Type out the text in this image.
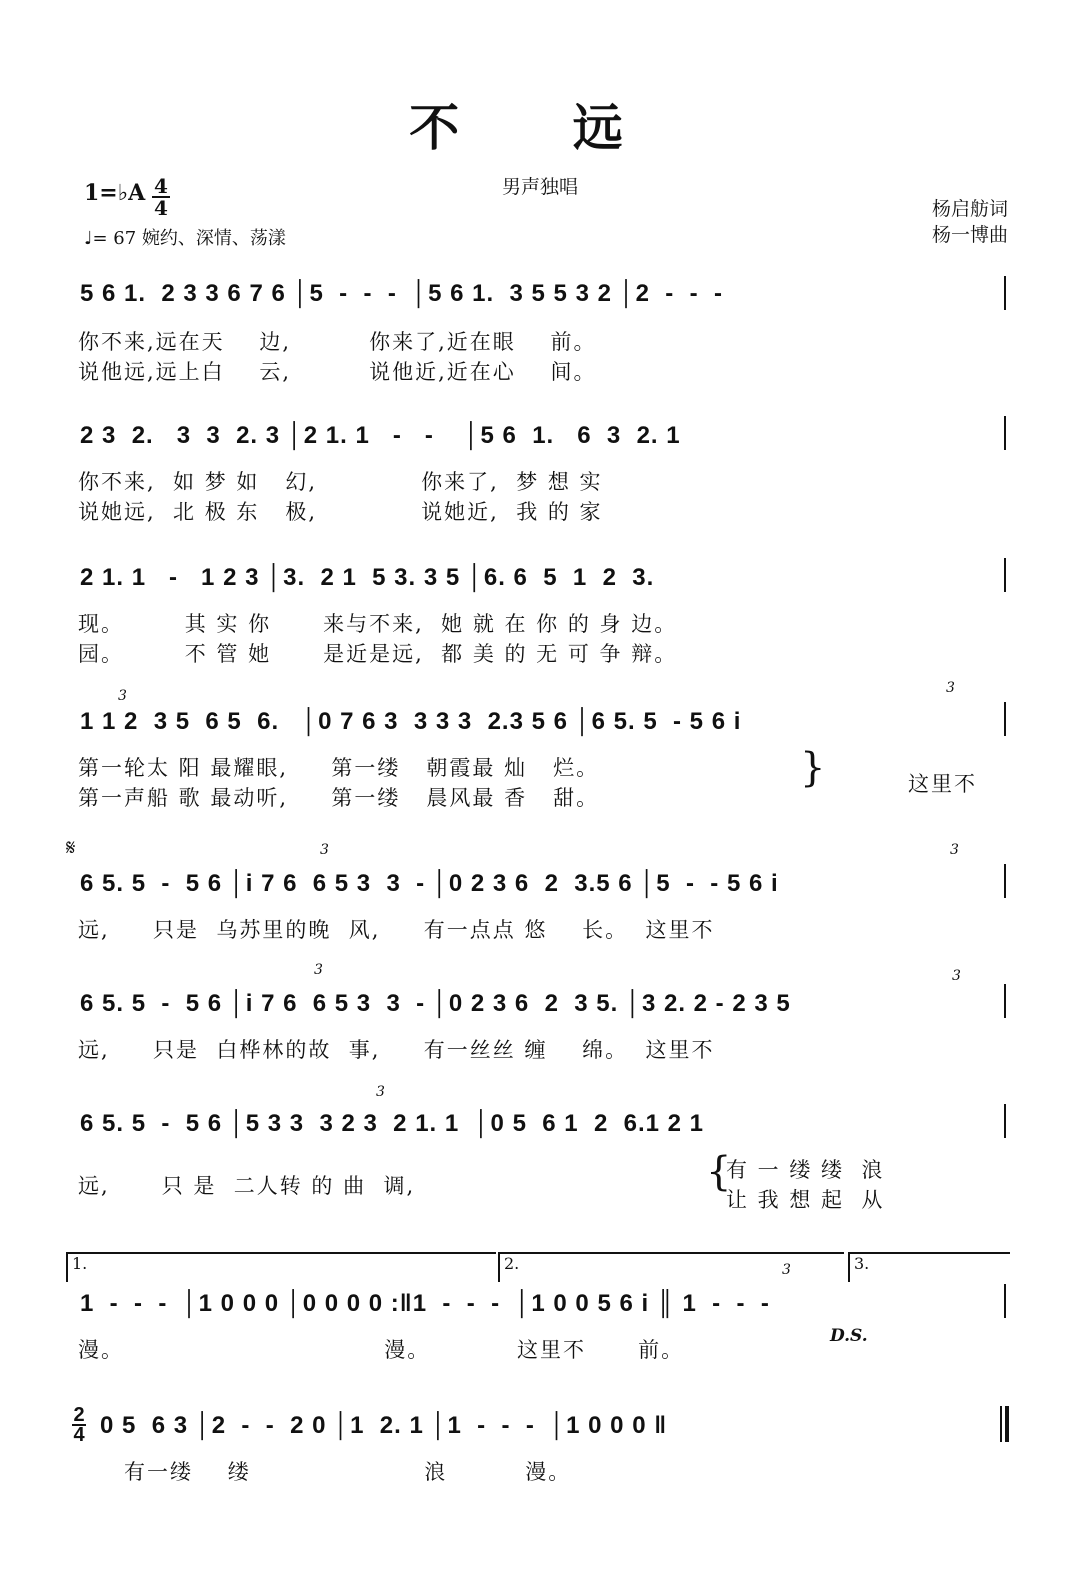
不 远
男声独唱
1=♭A $\frac{4}{4}$
♩= 67 婉约、深情、荡漾
杨启舫词
杨一博曲
5 6 1.  2 3 3 6 7 6 │5  -  -  -  │5 6 1.  3 5 5 3 2 │2  -  -  -
你不来,远在天    边,         你来了,近在眼    前。
说他远,远上白    云,         说他近,近在心    间。
2 3  2.   3  3  2. 3 │2 1. 1   -   -    │5 6  1.   6  3  2. 1
你不来,  如 梦 如   幻,            你来了,  梦 想 实
说她远,  北 极 东   极,            说她近,  我 的 家
2 1. 1   -   1 2 3 │3.  2 1  5 3. 3 5 │6. 6  5  1  2  3.
现。       其 实 你      来与不来,  她 就 在 你 的 身 边。
园。       不 管 她      是近是远,  都 美 的 无 可 争 辩。
1 1 2  3 5  6 5  6.   │0 7 6 3  3 3 3  2.3 5 6 │6 5. 5  - 5 6 i
第一轮太 阳 最耀眼,     第一缕   朝霞最 灿   烂。
第一声船 歌 最动听,     第一缕   晨风最 香   甜。
}	这里不
3	3
𝄋
6 5. 5  -  5 6 │i 7 6  6 5 3  3  - │0 2 3 6  2  3.5 6 │5  -  - 5 6 i
远,     只是  乌苏里的晚  风,     有一点点 悠    长。  这里不
3	3
6 5. 5  -  5 6 │i 7 6  6 5 3  3  - │0 2 3 6  2  3 5. │3 2. 2 - 2 3 5
远,     只是  白桦林的故  事,     有一丝丝 缠    绵。  这里不
3	3
6 5. 5  -  5 6 │5 3 3  3 2 3  2 1. 1  │0 5  6 1  2  6.1 2 1
远,      只 是  二人转 的 曲  调,	{
有 一 缕 缕  浪
让 我 想 起  从
3
1.	2.	3.
1  -  -  -  │1 0 0 0 │0 0 0 0 :‖1  -  -  -  │1 0 0 5 6 i ║ 1  -  -  -
漫。                              漫。          这里不      前。
D.S.
3
$\frac{2}{4} 0$ 5  6 3 │2  -  -  2 0 │1  2. 1 │1  -  -  -  │1 0 0 0 ‖
有一缕    缕                    浪         漫。
